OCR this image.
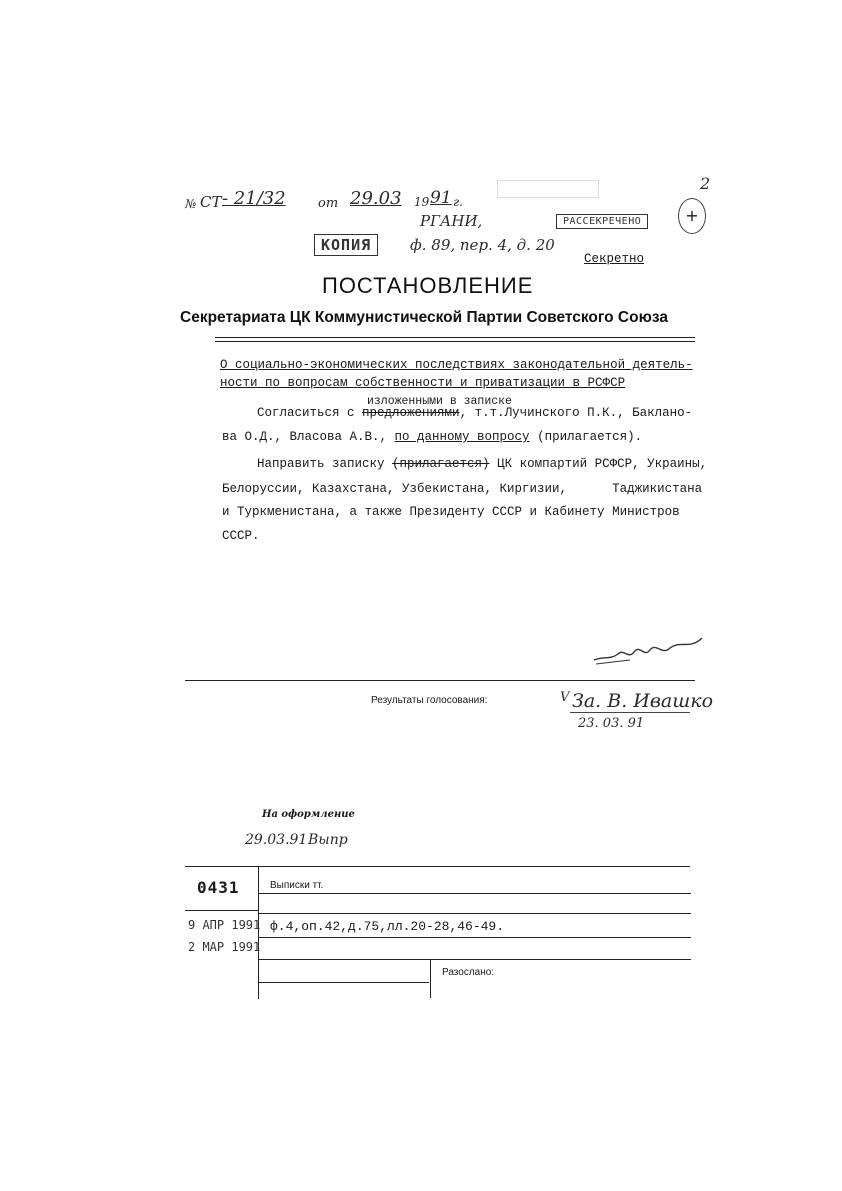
№ СТ - 21/32	от 29.03 19 91 г.
2
+
РАССЕКРЕЧЕНО
РГАНИ,
КОПИЯ	ф. 89, пер. 4, д. 20
Секретно
ПОСТАНОВЛЕНИЕ
Секретариата ЦК Коммунистической Партии Советского Союза
О социально-экономических последствиях законодательной деятель-
ности по вопросам собственности и приватизации в РСФСР
изложенными в записке
Согласиться с предложениями, т.т.Лучинского П.К., Баклано-
ва О.Д., Власова А.В., по данному вопросу (прилагается).
Направить записку (прилагается) ЦК компартий РСФСР, Украины,
Белоруссии, Казахстана, Узбекистана, Киргизии,      Таджикистана
и Туркменистана, а также Президенту СССР и Кабинету Министров
СССР.
Результаты голосования:	V За. В. Ивашко
23. 03. 91
На оформление
29.03.91 Выпр
0431	Выписки тт.
9 АПР 1991
2 МАР 1991
ф.4,оп.42,д.75,лл.20-28,46-49.
Разослано:
